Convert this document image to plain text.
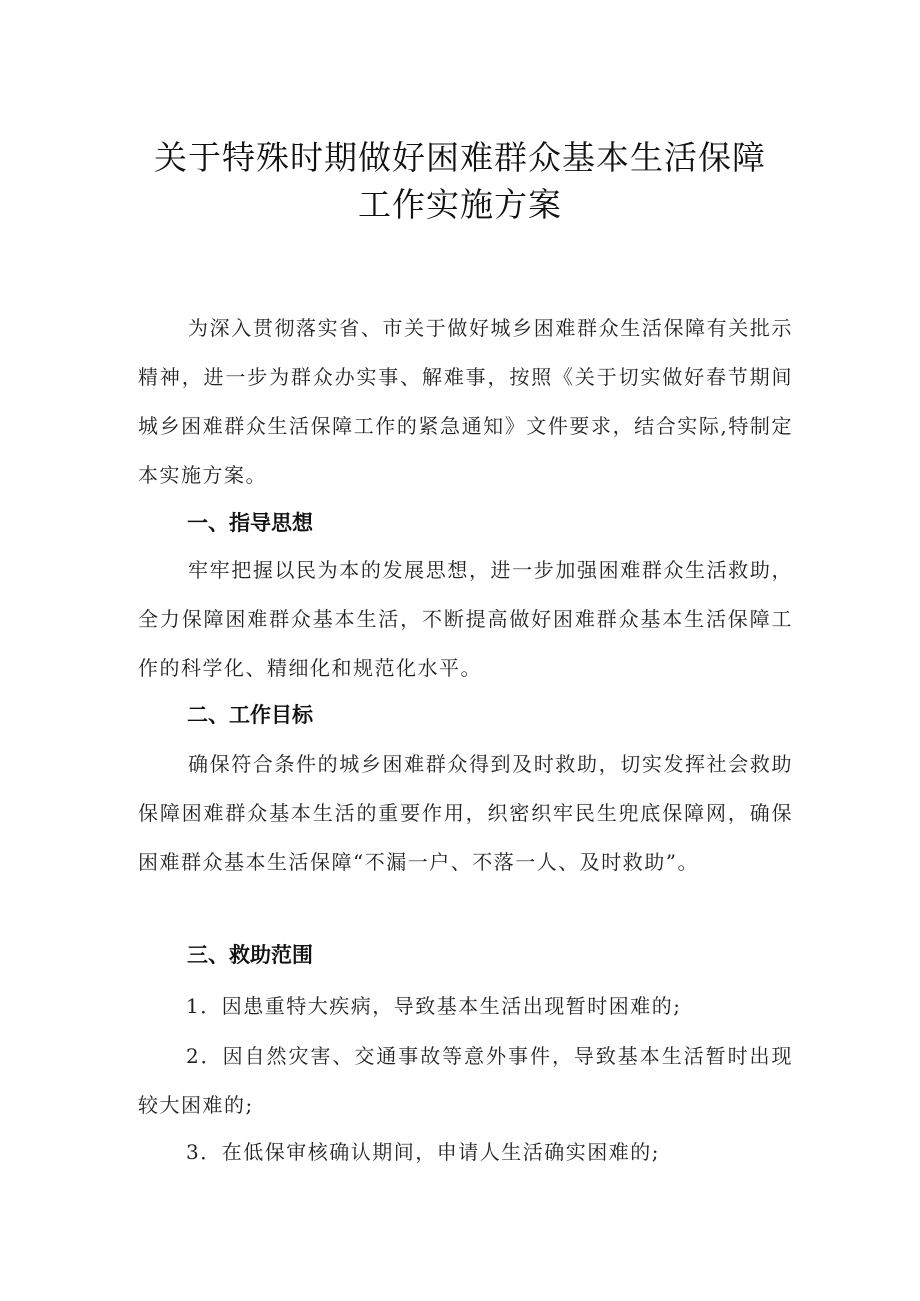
关于特殊时期做好困难群众基本生活保障
工作实施方案
为深入贯彻落实省、市关于做好城乡困难群众生活保障有关批示精神，进一步为群众办实事、解难事，按照《关于切实做好春节期间城乡困难群众生活保障工作的紧急通知》文件要求，结合实际,特制定本实施方案。
一、指导思想
牢牢把握以民为本的发展思想，进一步加强困难群众生活救助，全力保障困难群众基本生活，不断提高做好困难群众基本生活保障工作的科学化、精细化和规范化水平。
二、工作目标
确保符合条件的城乡困难群众得到及时救助，切实发挥社会救助保障困难群众基本生活的重要作用，织密织牢民生兜底保障网，确保困难群众基本生活保障“不漏一户、不落一人、及时救助”。
三、救助范围
1．因患重特大疾病，导致基本生活出现暂时困难的;
2．因自然灾害、交通事故等意外事件，导致基本生活暂时出现较大困难的;
3．在低保审核确认期间，申请人生活确实困难的;
